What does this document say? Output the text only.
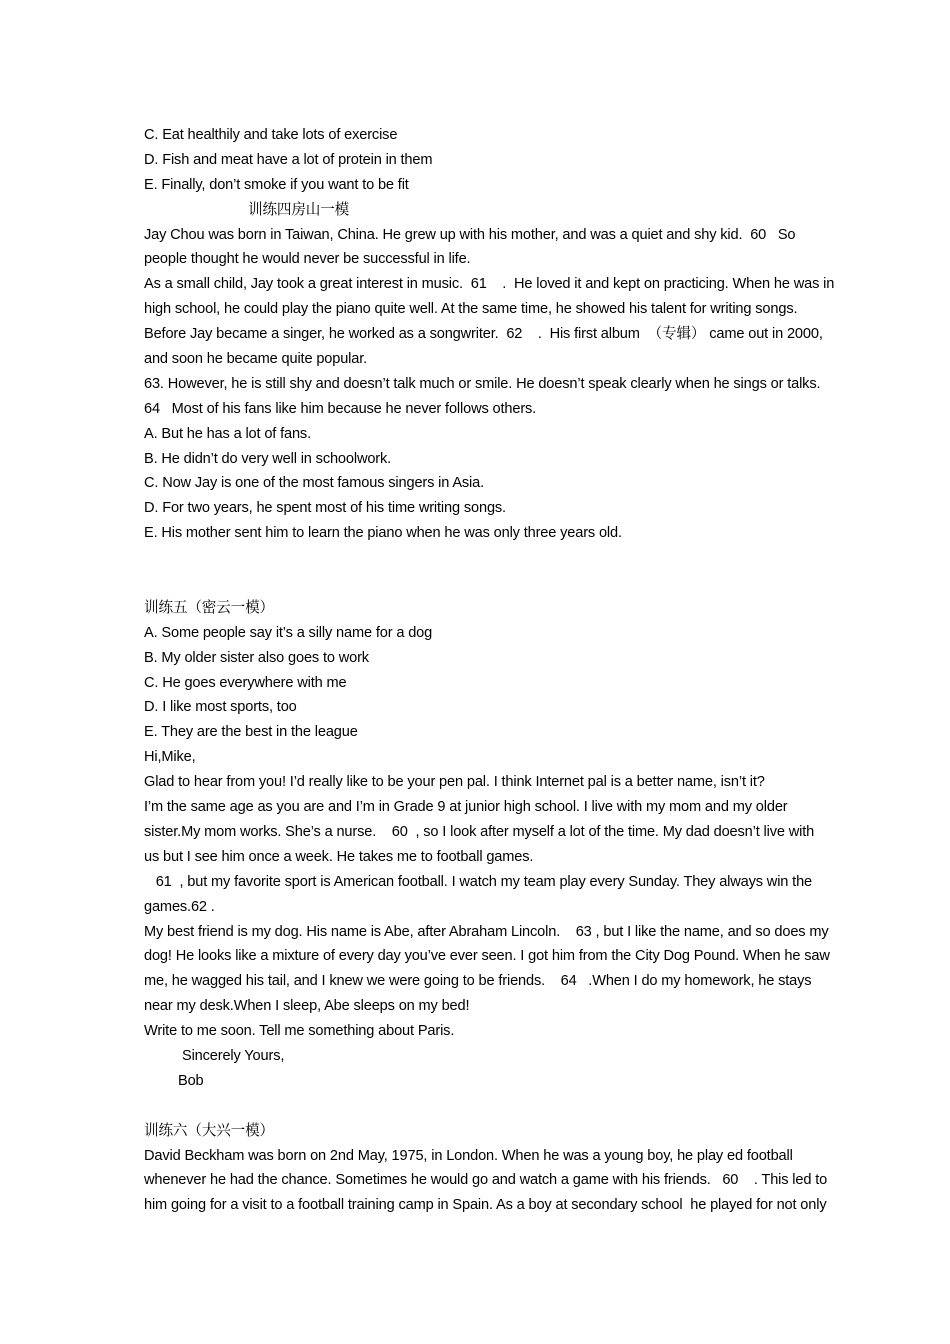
C. Eat healthily and take lots of exercise
D. Fish and meat have a lot of protein in them
E. Finally, don’t smoke if you want to be fit
训练四房山一模
Jay Chou was born in Taiwan, China. He grew up with his mother, and was a quiet and shy kid.  60   So
people thought he would never be successful in life.
As a small child, Jay took a great interest in music.  61    .  He loved it and kept on practicing. When he was in
high school, he could play the piano quite well. At the same time, he showed his talent for writing songs.
Before Jay became a singer, he worked as a songwriter.  62    .  His first album  （专辑） came out in 2000,
and soon he became quite popular.
63. However, he is still shy and doesn’t talk much or smile. He doesn’t speak clearly when he sings or talks.
64   Most of his fans like him because he never follows others.
A. But he has a lot of fans.
B. He didn’t do very well in schoolwork.
C. Now Jay is one of the most famous singers in Asia.
D. For two years, he spent most of his time writing songs.
E. His mother sent him to learn the piano when he was only three years old.
训练五（密云一模）
A. Some people say it’s a silly name for a dog
B. My older sister also goes to work
C. He goes everywhere with me
D. I like most sports, too
E. They are the best in the league
Hi,Mike,
Glad to hear from you! I’d really like to be your pen pal. I think Internet pal is a better name, isn’t it?
I’m the same age as you are and I’m in Grade 9 at junior high school. I live with my mom and my older
sister.My mom works. She’s a nurse.    60  , so I look after myself a lot of the time. My dad doesn’t live with
us but I see him once a week. He takes me to football games.
61  , but my favorite sport is American football. I watch my team play every Sunday. They always win the
games.62 .
My best friend is my dog. His name is Abe, after Abraham Lincoln.    63 , but I like the name, and so does my
dog! He looks like a mixture of every day you’ve ever seen. I got him from the City Dog Pound. When he saw
me, he wagged his tail, and I knew we were going to be friends.    64   .When I do my homework, he stays
near my desk.When I sleep, Abe sleeps on my bed!
Write to me soon. Tell me something about Paris.
Sincerely Yours,
Bob
训练六（大兴一模）
David Beckham was born on 2nd May, 1975, in London. When he was a young boy, he play ed football
whenever he had the chance. Sometimes he would go and watch a game with his friends.   60    . This led to
him going for a visit to a football training camp in Spain. As a boy at secondary school  he played for not only
